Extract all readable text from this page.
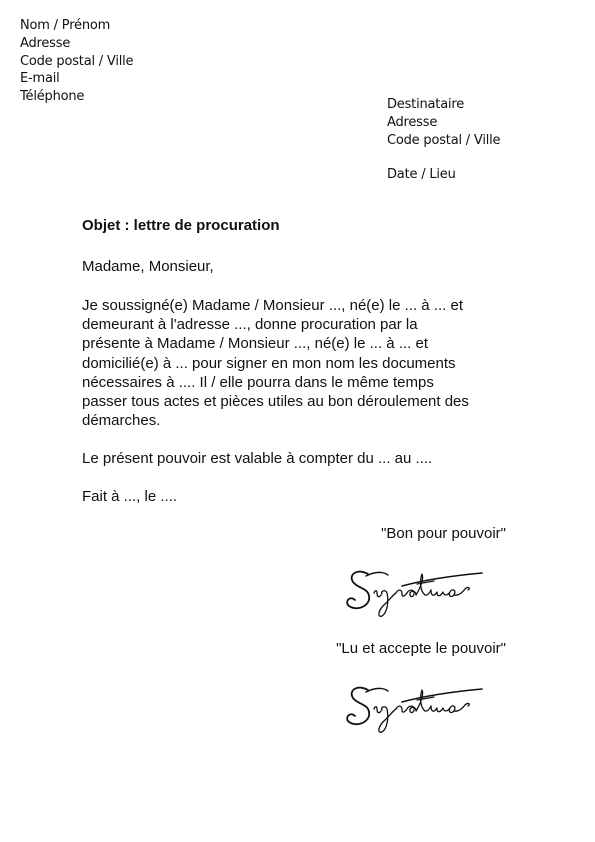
Nom / Prénom
Adresse
Code postal / Ville
E-mail
Téléphone
Destinataire
Adresse
Code postal / Ville
Date / Lieu
Objet : lettre de procuration

Madame, Monsieur,

Je soussigné(e) Madame / Monsieur ..., né(e) le ... à ... et
demeurant à l'adresse ..., donne procuration par la
présente à Madame / Monsieur ..., né(e) le ... à ... et
domicilié(e) à ... pour signer en mon nom les documents
nécessaires à .... Il / elle pourra dans le même temps
passer tous actes et pièces utiles au bon déroulement des
démarches.

Le présent pouvoir est valable à compter du ... au ....

Fait à ..., le ....

"Bon pour pouvoir"
"Lu et accepte le pouvoir"
